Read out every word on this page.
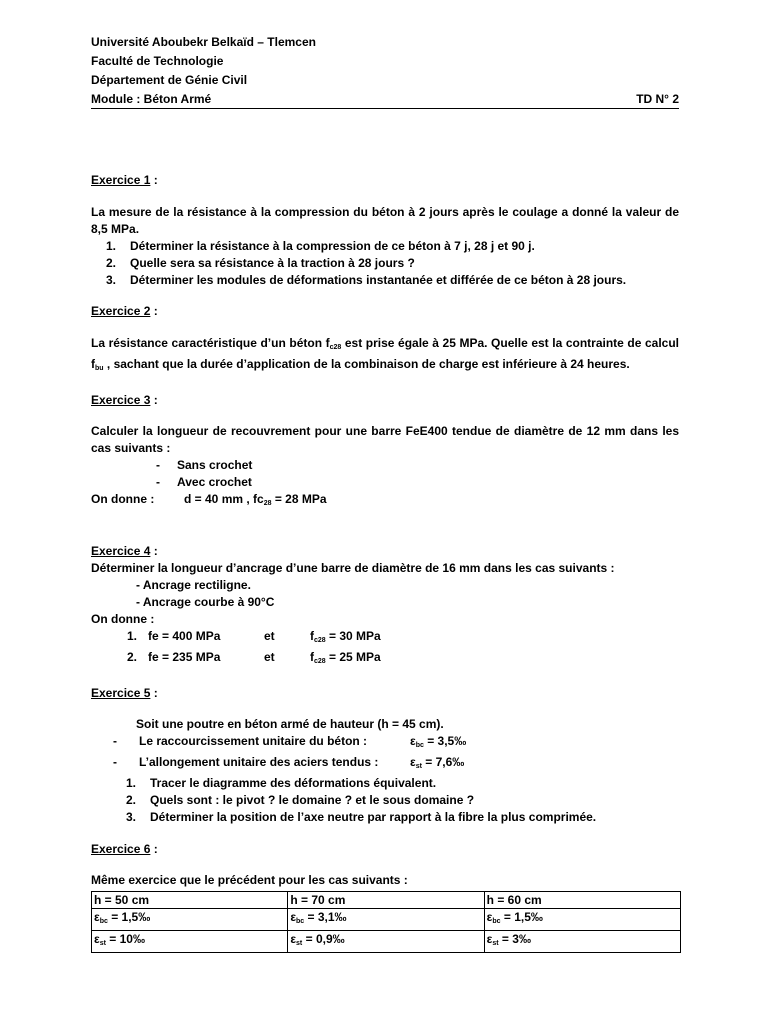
Université Aboubekr Belkaïd – Tlemcen
Faculté de Technologie
Département de Génie Civil
Module : Béton Armé	TD N° 2
Exercice 1 :

La mesure de la résistance à la compression du béton à 2 jours après le coulage a donné la valeur de 8,5 MPa.

1.	Déterminer la résistance à la compression de ce béton à 7 j, 28 j et 90 j.
2.	Quelle sera sa résistance à la traction à 28 jours ?
3.	Déterminer les modules de déformations instantanée et différée de ce béton à 28 jours.
Exercice 2 :

La résistance caractéristique d’un béton $f_{c28}$ est prise égale à 25 MPa. Quelle est la contrainte de calcul $f_{bu}$ , sachant que la durée d’application de la combinaison de charge est inférieure à 24 heures.

Exercice 3 :

Calculer la longueur de recouvrement pour une barre FeE400 tendue de diamètre de 12 mm dans les cas suivants :

-	Sans crochet
-	Avec crochet

On donne : d = 40 mm , $fc_{28} = 28$ MPa

Exercice 4 :

Déterminer la longueur d’ancrage d’une barre de diamètre de 16 mm dans les cas suivants :

- Ancrage rectiligne.

- Ancrage courbe à 90°C

On donne :

1. fe = 400 MPa	et	$f_{c28} = 30$ MPa

2. fe = 235 MPa	et	$f_{c28} = 25$ MPa

Exercice 5 :

Soit une poutre en béton armé de hauteur (h = 45 cm).

- Le raccourcissement unitaire du béton :	$\varepsilon_{bc}$ = 3,5‰

- L’allongement unitaire des aciers tendus :	$\varepsilon_{st}$ = 7,6‰

1.	Tracer le diagramme des déformations équivalent.
2.	Quels sont : le pivot ? le domaine ? et le sous domaine ?
3.	Déterminer la position de l’axe neutre par rapport à la fibre la plus comprimée.
Exercice 6 :

Même exercice que le précédent pour les cas suivants :

h = 50 cm	h = 70 cm	h = 60 cm
$\varepsilon_{bc}$ = 1,5‰	$\varepsilon_{bc}$ = 3,1‰	$\varepsilon_{bc}$ = 1,5‰
$\varepsilon_{st}$ = 10‰	$\varepsilon_{st}$ = 0,9‰	$\varepsilon_{st}$ = 3‰
